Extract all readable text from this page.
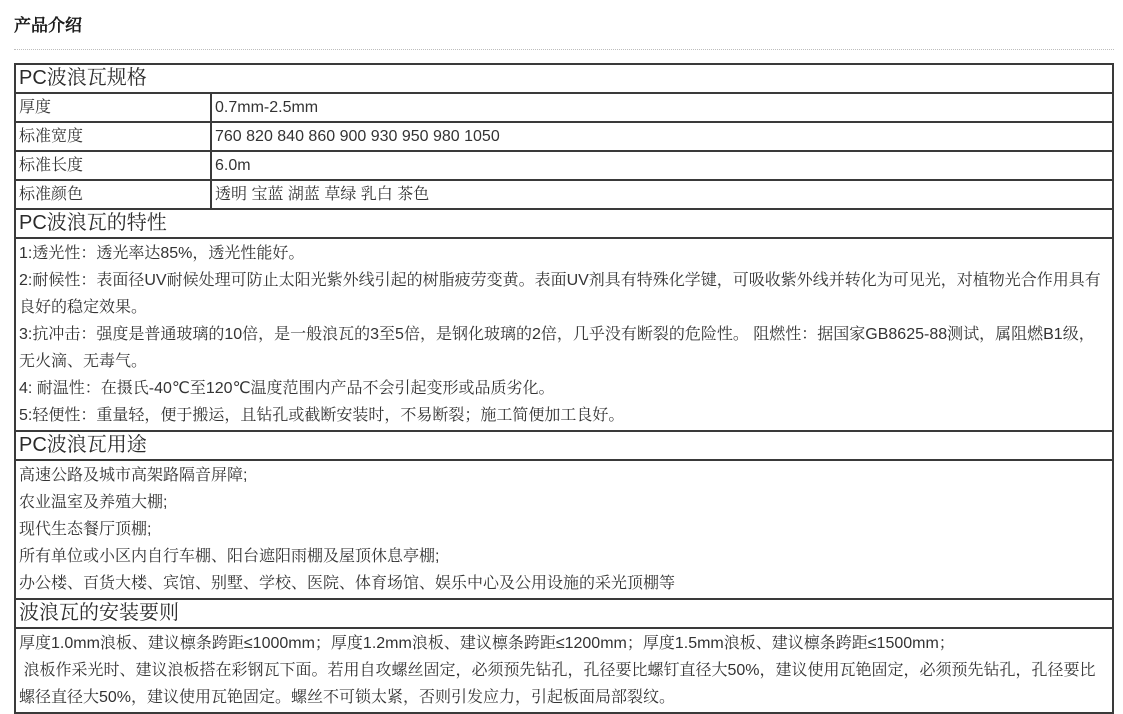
产品介绍
PC波浪瓦规格	
厚度	0.7mm-2.5mm
标准宽度	760 820 840 860 900 930 950 980 1050
标准长度	6.0m
标准颜色	透明 宝蓝 湖蓝 草绿 乳白 茶色
PC波浪瓦的特性	

1:透光性：透光率达85%，透光性能好。

2:耐候性：表面径UV耐候处理可防止太阳光紫外线引起的树脂疲劳变黄。表面UV剂具有特殊化学键，可吸收紫外线并转化为可见光，对植物光合作用具有良好的稳定效果。

3:抗冲击：强度是普通玻璃的10倍，是一般浪瓦的3至5倍，是钢化玻璃的2倍，几乎没有断裂的危险性。 阻燃性：据国家GB8625-88测试，属阻燃B1级，无火滴、无毒气。

4: 耐温性：在摄氏-40℃至120℃温度范围内产品不会引起变形或品质劣化。

5:轻便性：重量轻，便于搬运，且钻孔或截断安装时，不易断裂；施工简便加工良好。	

PC波浪瓦用途	

高速公路及城市高架路隔音屏障;

农业温室及养殖大棚;

现代生态餐厅顶棚;

所有单位或小区内自行车棚、阳台遮阳雨棚及屋顶休息亭棚;

办公楼、百货大楼、宾馆、别墅、学校、医院、体育场馆、娱乐中心及公用设施的采光顶棚等	

波浪瓦的安装要则	

厚度1.0mm浪板、建议檩条跨距≤1000mm；厚度1.2mm浪板、建议檩条跨距≤1200mm；厚度1.5mm浪板、建议檩条跨距≤1500mm；

浪板作采光时、建议浪板搭在彩钢瓦下面。若用自攻螺丝固定，必须预先钻孔，孔径要比螺钉直径大50%，建议使用瓦铯固定，必须预先钻孔，孔径要比螺径直径大50%，建议使用瓦铯固定。螺丝不可锁太紧，否则引发应力，引起板面局部裂纹。	
